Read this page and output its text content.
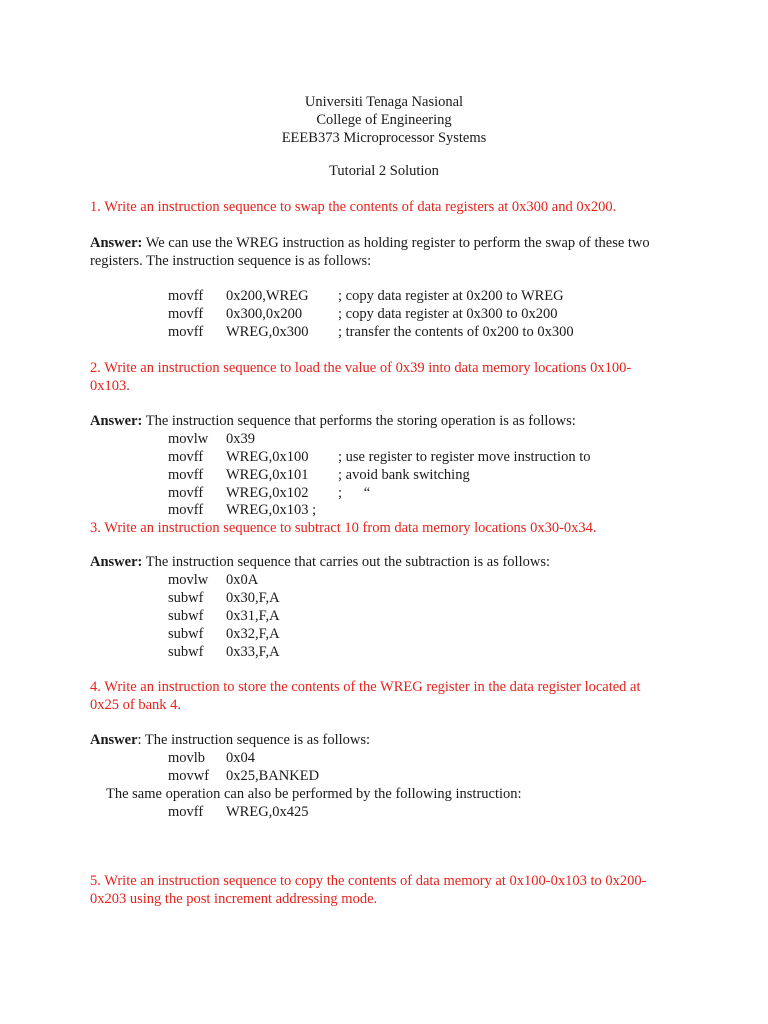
Universiti Tenaga Nasional
College of Engineering
EEEB373 Microprocessor Systems
Tutorial 2 Solution
1. Write an instruction sequence to swap the contents of data registers at 0x300 and 0x200.
Answer: We can use the WREG instruction as holding register to perform the swap of these two
registers. The instruction sequence is as follows:
movff 0x200,WREG ; copy data register at 0x200 to WREG
movff 0x300,0x200 ; copy data register at 0x300 to 0x200
movff WREG,0x300 ; transfer the contents of 0x200 to 0x300
2. Write an instruction sequence to load the value of 0x39 into data memory locations 0x100-
0x103.
Answer: The instruction sequence that performs the storing operation is as follows:
movlw 0x39
movff WREG,0x100 ; use register to register move instruction to
movff WREG,0x101 ; avoid bank switching
movff WREG,0x102 ;      “
movff WREG,0x103 ;
3. Write an instruction sequence to subtract 10 from data memory locations 0x30-0x34.
Answer: The instruction sequence that carries out the subtraction is as follows:
movlw 0x0A
subwf 0x30,F,A
subwf 0x31,F,A
subwf 0x32,F,A
subwf 0x33,F,A
4. Write an instruction to store the contents of the WREG register in the data register located at
0x25 of bank 4.
Answer: The instruction sequence is as follows:
movlb 0x04
movwf 0x25,BANKED
The same operation can also be performed by the following instruction:
movff WREG,0x425
5. Write an instruction sequence to copy the contents of data memory at 0x100-0x103 to 0x200-
0x203 using the post increment addressing mode.
